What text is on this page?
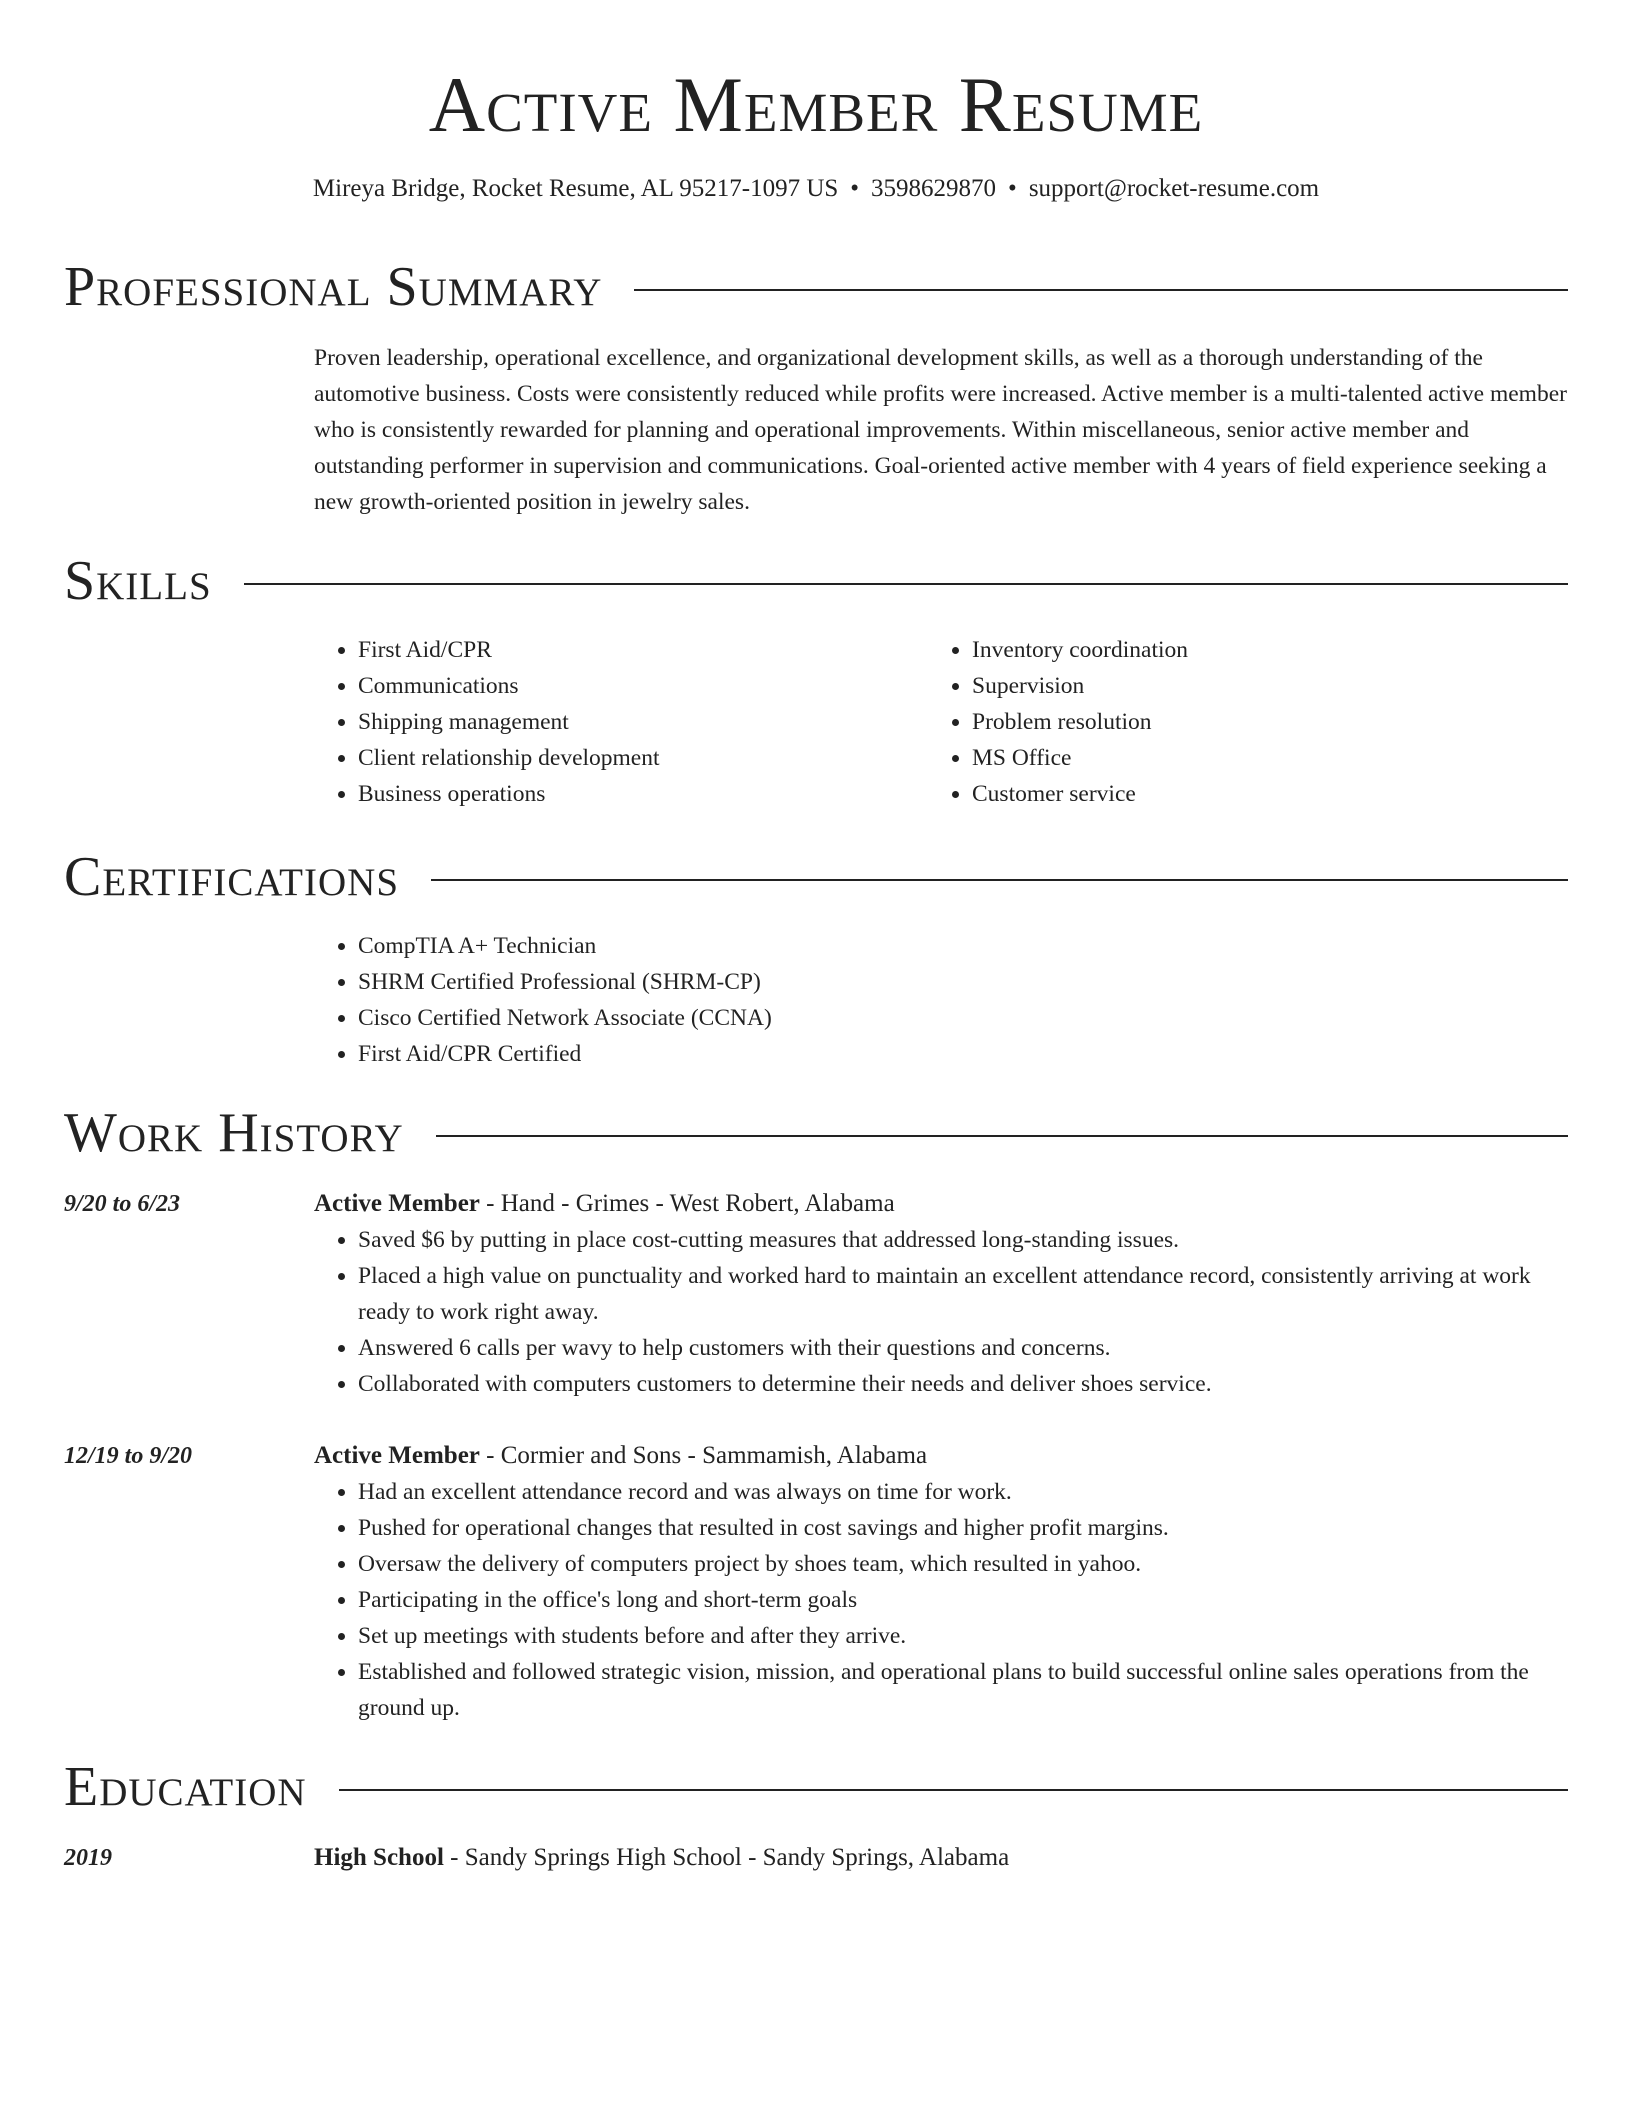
Active Member Resume
Mireya Bridge, Rocket Resume, AL 95217-1097 US • 3598629870 • support@rocket-resume.com
Professional Summary

Proven leadership, operational excellence, and organizational development skills, as well as a thorough understanding of the automotive business. Costs were consistently reduced while profits were increased. Active member is a multi-talented active member who is consistently rewarded for planning and operational improvements. Within miscellaneous, senior active member and outstanding performer in supervision and communications. Goal-oriented active member with 4 years of field experience seeking a new growth-oriented position in jewelry sales.

Skills
• First Aid/CPR
• Communications
• Shipping management
• Client relationship development
• Business operations
• Inventory coordination
• Supervision
• Problem resolution
• MS Office
• Customer service
Certifications
• CompTIA A+ Technician
• SHRM Certified Professional (SHRM-CP)
• Cisco Certified Network Associate (CCNA)
• First Aid/CPR Certified
Work History
9/20 to 6/23	Active Member - Hand - Grimes - West Robert, Alabama
• Saved $6 by putting in place cost-cutting measures that addressed long-standing issues.
• Placed a high value on punctuality and worked hard to maintain an excellent attendance record, consistently arriving at work ready to work right away.
• Answered 6 calls per wavy to help customers with their questions and concerns.
• Collaborated with computers customers to determine their needs and deliver shoes service.
12/19 to 9/20	Active Member - Cormier and Sons - Sammamish, Alabama
• Had an excellent attendance record and was always on time for work.
• Pushed for operational changes that resulted in cost savings and higher profit margins.
• Oversaw the delivery of computers project by shoes team, which resulted in yahoo.
• Participating in the office's long and short-term goals
• Set up meetings with students before and after they arrive.
• Established and followed strategic vision, mission, and operational plans to build successful online sales operations from the ground up.
Education
2019	High School - Sandy Springs High School - Sandy Springs, Alabama
